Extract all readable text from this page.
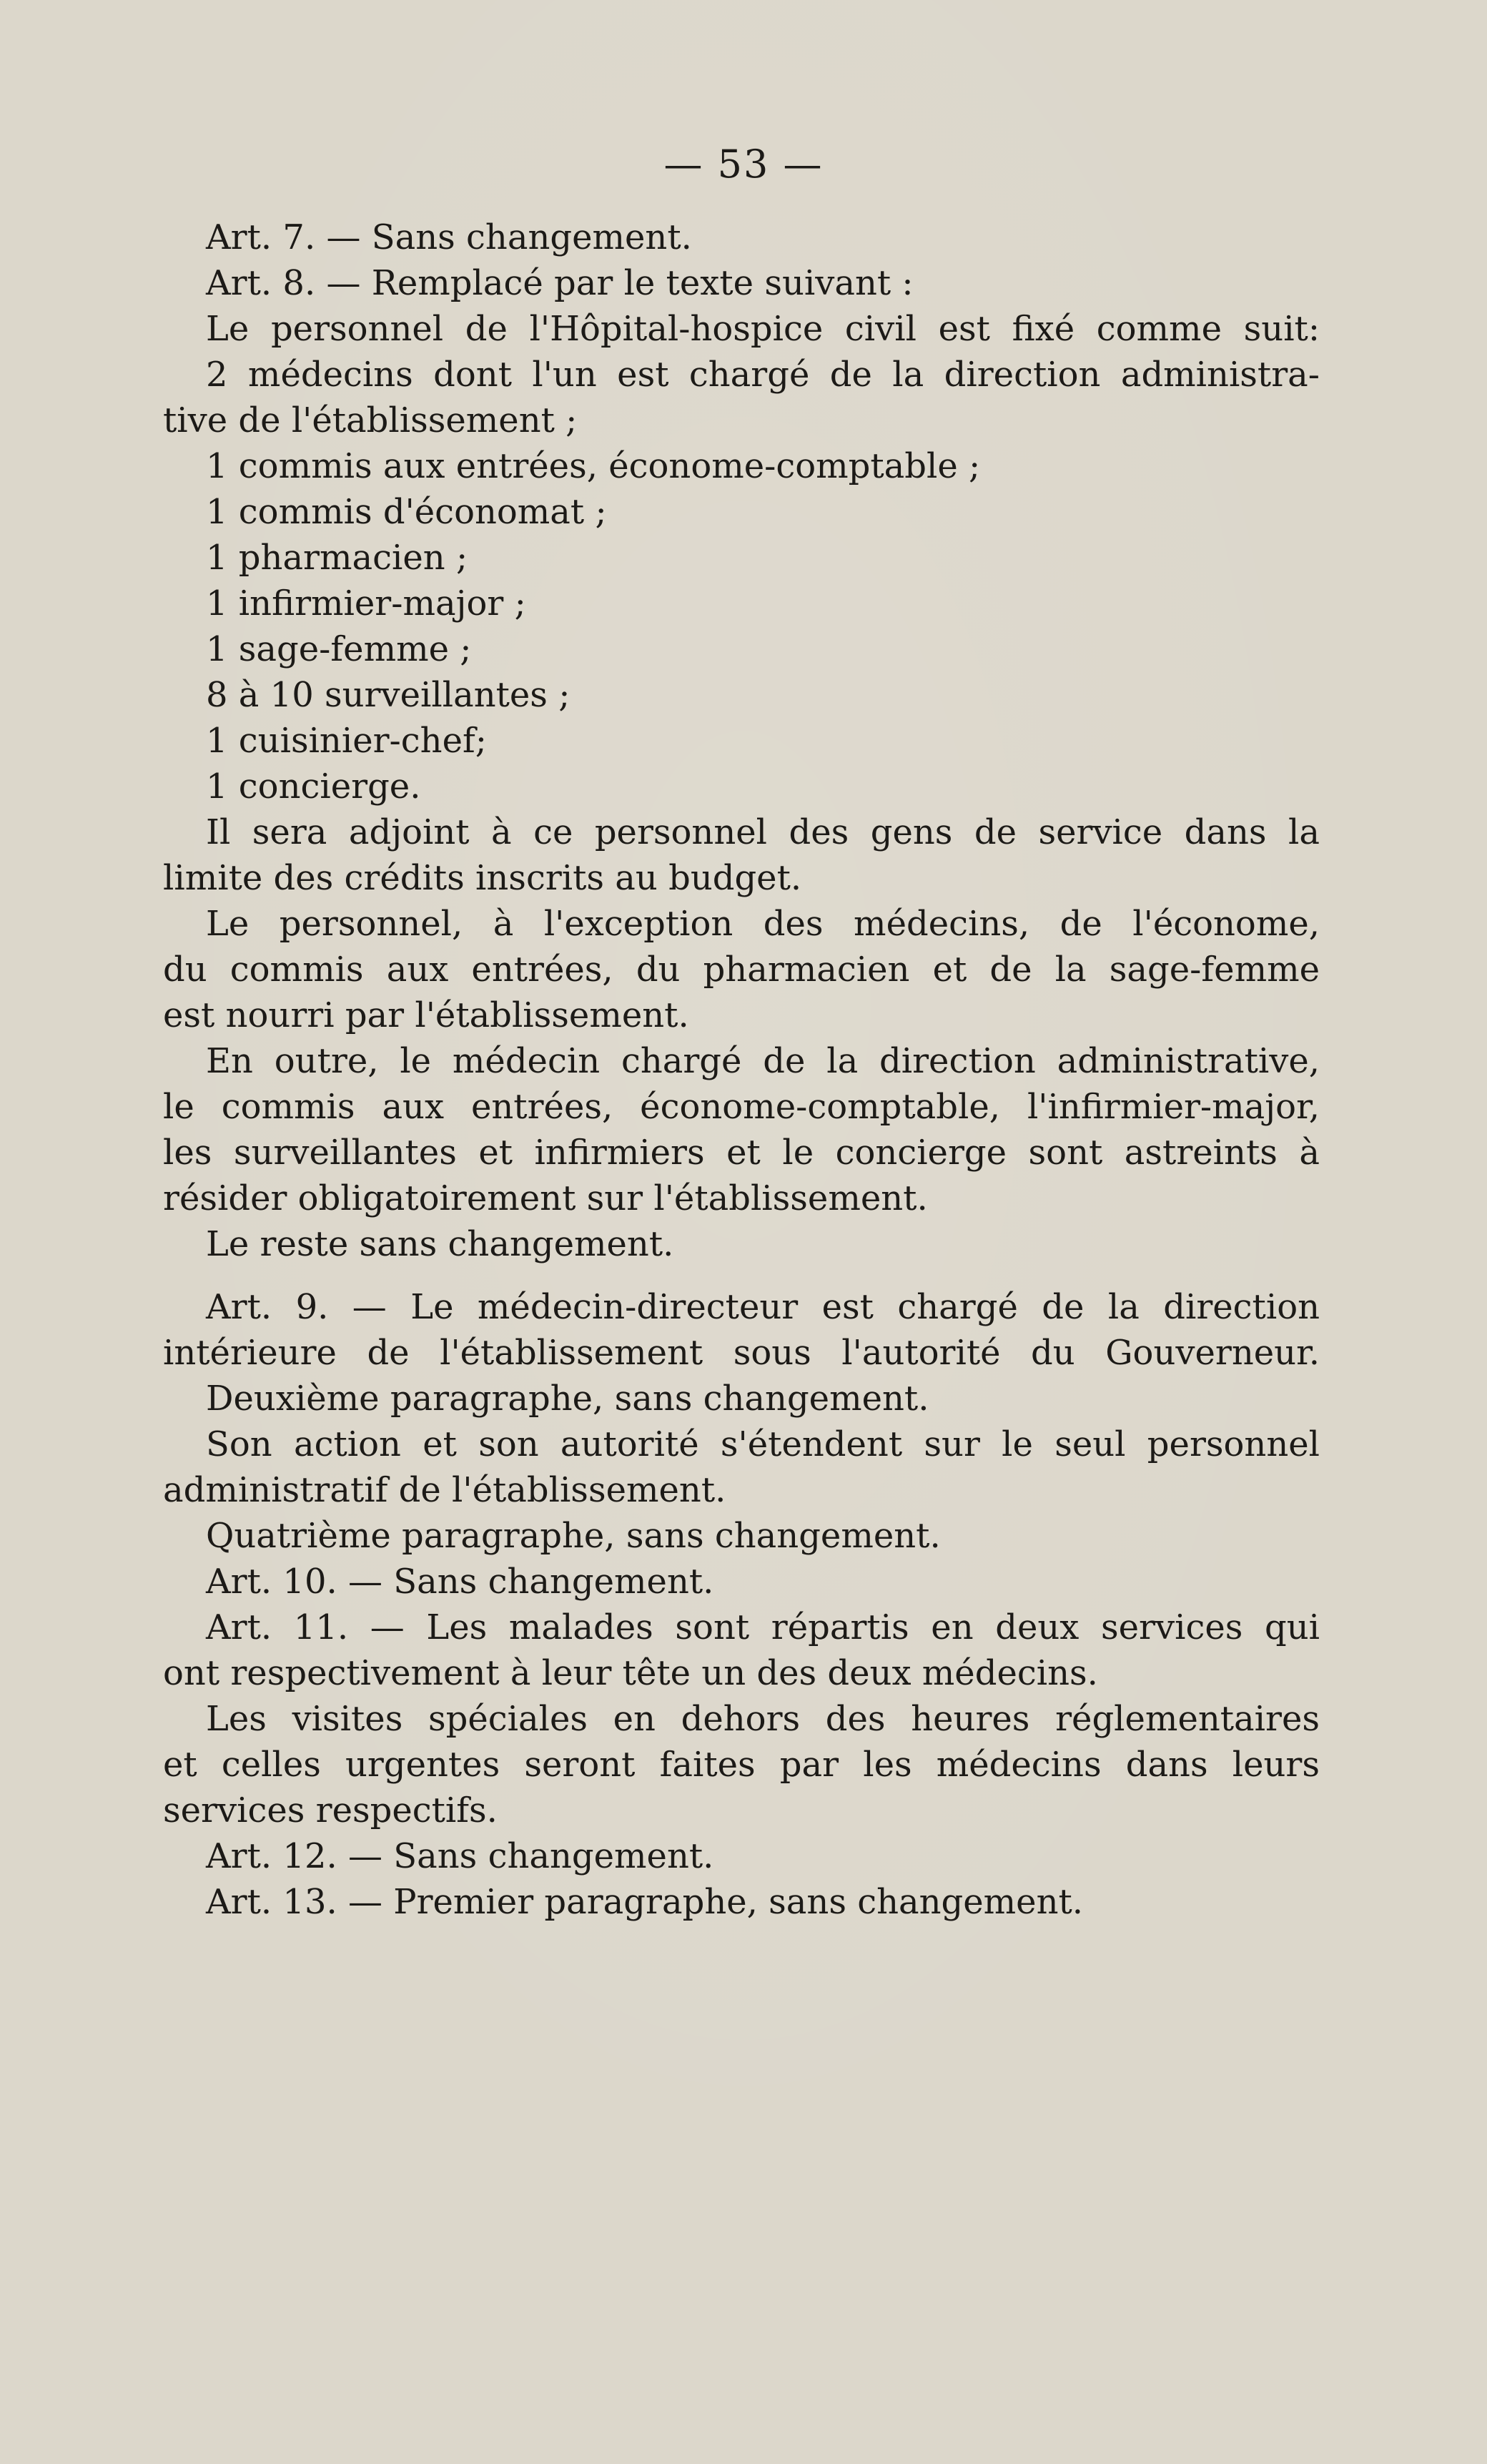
— 53 —
Art. 7. — Sans changement.
Art. 8. — Remplacé par le texte suivant :
Le personnel de l'Hôpital-hospice civil est fixé comme suit:
2 médecins dont l'un est chargé de la direction administra-
tive de l'établissement ;
1 commis aux entrées, économe-comptable ;
1 commis d'économat ;
1 pharmacien ;
1 infirmier-major ;
1 sage-femme ;
8 à 10 surveillantes ;
1 cuisinier-chef;
1 concierge.
Il sera adjoint à ce personnel des gens de service dans la
limite des crédits inscrits au budget.
Le personnel, à l'exception des médecins, de l'économe,
du commis aux entrées, du pharmacien et de la sage-femme
est nourri par l'établissement.
En outre, le médecin chargé de la direction administrative,
le commis aux entrées, économe-comptable, l'infirmier-major,
les surveillantes et infirmiers et le concierge sont astreints à
résider obligatoirement sur l'établissement.
Le reste sans changement.
Art. 9. — Le médecin-directeur est chargé de la direction
intérieure de l'établissement sous l'autorité du Gouverneur.
Deuxième paragraphe, sans changement.
Son action et son autorité s'étendent sur le seul personnel
administratif de l'établissement.
Quatrième paragraphe, sans changement.
Art. 10. — Sans changement.
Art. 11. — Les malades sont répartis en deux services qui
ont respectivement à leur tête un des deux médecins.
Les visites spéciales en dehors des heures réglementaires
et celles urgentes seront faites par les médecins dans leurs
services respectifs.
Art. 12. — Sans changement.
Art. 13. — Premier paragraphe, sans changement.
